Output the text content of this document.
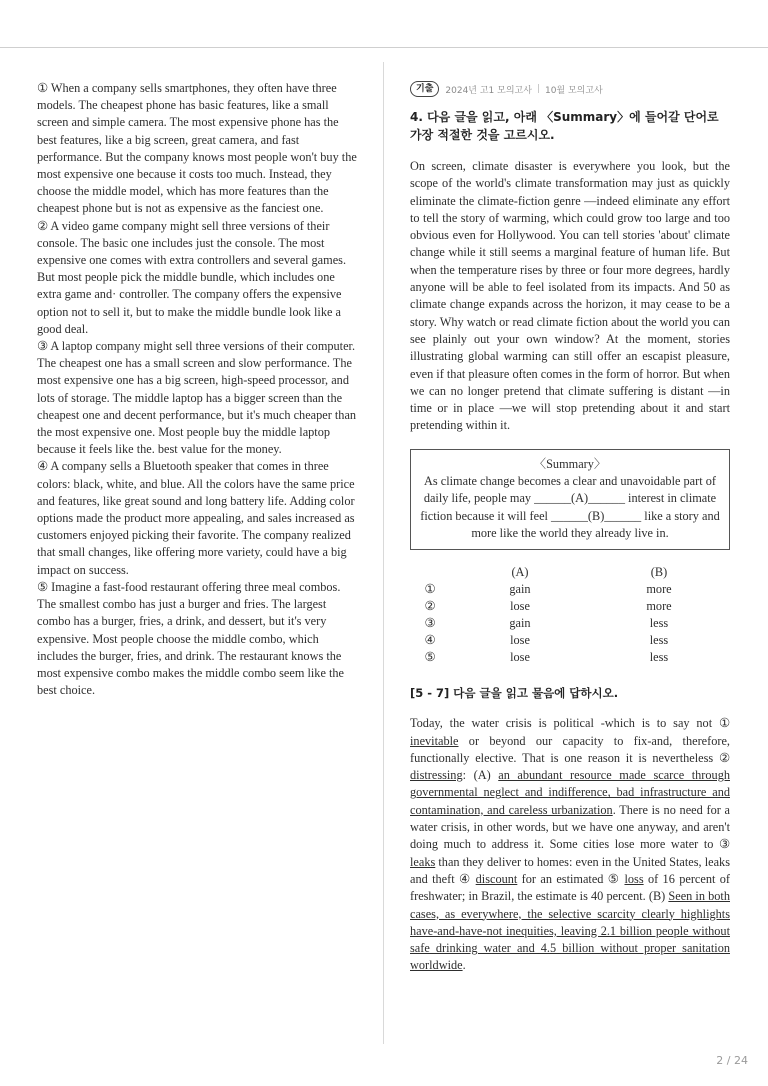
① When a company sells smartphones, they often have three models. The cheapest phone has basic features, like a small screen and simple camera. The most expensive phone has the best features, like a big screen, great camera, and fast performance. But the company knows most people won't buy the most expensive one because it costs too much. Instead, they choose the middle model, which has more features than the cheapest phone but is not as expensive as the fanciest one.

② A video game company might sell three versions of their console. The basic one includes just the console. The most expensive one comes with extra controllers and several games. But most people pick the middle bundle, which includes one extra game and· controller. The company offers the expensive option not to sell it, but to make the middle bundle look like a good deal.

③ A laptop company might sell three versions of their computer. The cheapest one has a small screen and slow performance. The most expensive one has a big screen, high-speed processor, and lots of storage. The middle laptop has a bigger screen than the cheapest one and decent performance, but it's much cheaper than the most expensive one. Most people buy the middle laptop because it feels like the. best value for the money.

④ A company sells a Bluetooth speaker that comes in three colors: black, white, and blue. All the colors have the same price and features, like great sound and long battery life. Adding color options made the product more appealing, and sales increased as customers enjoyed picking their favorite. The company realized that small changes, like offering more variety, could have a big impact on success.

⑤ Imagine a fast-food restaurant offering three meal combos. The smallest combo has just a burger and fries. The largest combo has a burger, fries, a drink, and dessert, but it's very expensive. Most people choose the middle combo, which includes the burger, fries, and drink. The restaurant knows the most expensive combo makes the middle combo seem like the best choice.

기출	2024년 고1 모의고사 | 10월 모의고사
4. 다음 글을 읽고, 아래 〈Summary〉에 들어갈 단어로 가장 적절한 것을 고르시오.
On screen, climate disaster is everywhere you look, but the scope of the world's climate transformation may just as quickly eliminate the climate-fiction genre —indeed eliminate any effort to tell the story of warming, which could grow too large and too obvious even for Hollywood. You can tell stories 'about' climate change while it still seems a marginal feature of human life. But when the temperature rises by three or four more degrees, hardly anyone will be able to feel isolated from its impacts. And 50 as climate change expands across the horizon, it may cease to be a story. Why watch or read climate fiction about the world you can see plainly out your own window? At the moment, stories illustrating global warming can still offer an escapist pleasure, even if that pleasure often comes in the form of horror. But when we can no longer pretend that climate suffering is distant —in time or in place —we will stop pretending about it and start pretending within it.
〈Summary〉
As climate change becomes a clear and unavoidable part of daily life, people may ______(A)______ interest in climate fiction because it will feel ______(B)______ like a story and more like the world they already live in.
	(A)	(B)
①	gain	more
②	lose	more
③	gain	less
④	lose	less
⑤	lose	less
[5 - 7] 다음 글을 읽고 물음에 답하시오.
Today, the water crisis is political -which is to say not ① inevitable or beyond our capacity to fix-and, therefore, functionally elective. That is one reason it is nevertheless ② distressing: (A) an abundant resource made scarce through governmental neglect and indifference, bad infrastructure and contamination, and careless urbanization. There is no need for a water crisis, in other words, but we have one anyway, and aren't doing much to address it. Some cities lose more water to ③ leaks than they deliver to homes: even in the United States, leaks and theft ④ discount for an estimated ⑤ loss of 16 percent of freshwater; in Brazil, the estimate is 40 percent. (B) Seen in both cases, as everywhere, the selective scarcity clearly highlights have-and-have-not inequities, leaving 2.1 billion people without safe drinking water and 4.5 billion without proper sanitation worldwide.
2 / 24
